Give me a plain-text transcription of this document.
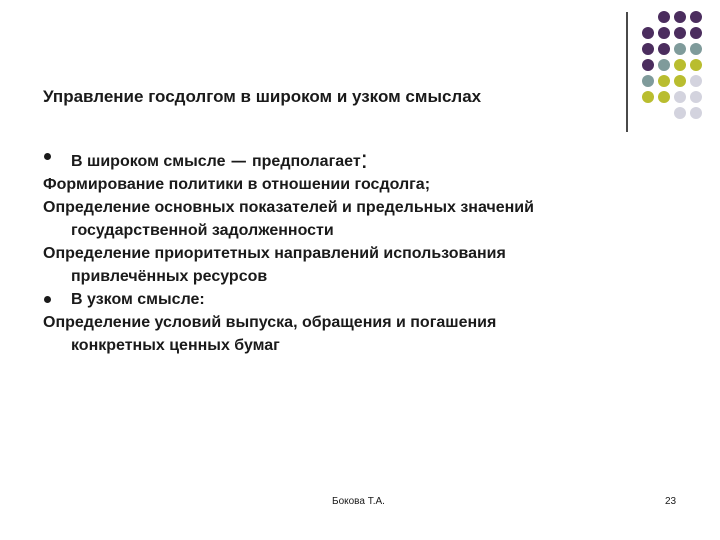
Управление госдолгом в широком и узком смыслах
В широком смысле – предполагает :
Формирование политики в отношении госдолга;
Определение основных показателей и предельных значений
государственной задолженности
Определение приоритетных направлений использования
привлечённых ресурсов
В узком смысле:
Определение условий выпуска, обращения и погашения
конкретных ценных бумаг
Бокова Т.А.	23
